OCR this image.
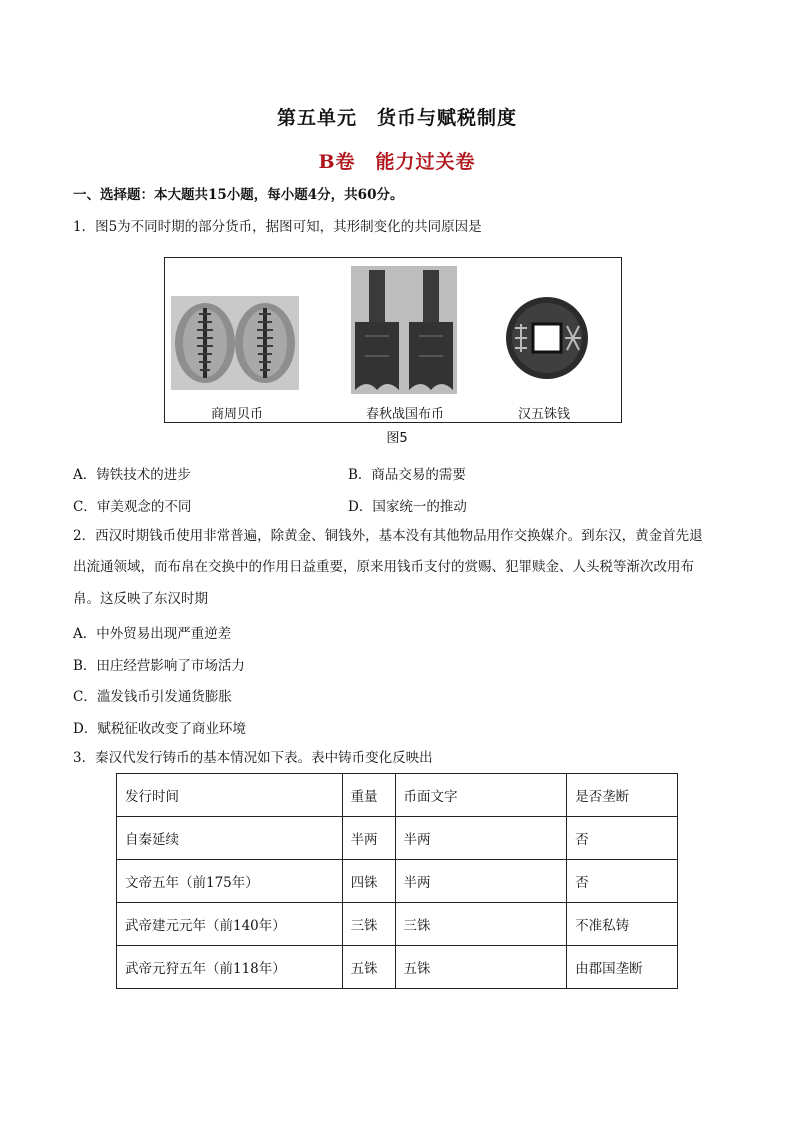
第五单元　货币与赋税制度
B卷　能力过关卷
一、选择题：本大题共15小题，每小题4分，共60分。
1．图5为不同时期的部分货币，据图可知，其形制变化的共同原因是
商周贝币	春秋战国布币	汉五铢钱
图5
A．铸铁技术的进步	B．商品交易的需要
C．审美观念的不同	D．国家统一的推动
2．西汉时期钱币使用非常普遍，除黄金、铜钱外，基本没有其他物品用作交换媒介。到东汉，黄金首先退
出流通领域，而布帛在交换中的作用日益重要，原来用钱币支付的赏赐、犯罪赎金、人头税等渐次改用布
帛。这反映了东汉时期
A．中外贸易出现严重逆差
B．田庄经营影响了市场活力
C．滥发钱币引发通货膨胀
D．赋税征收改变了商业环境
3．秦汉代发行铸币的基本情况如下表。表中铸币变化反映出
发行时间	重量	币面文字	是否垄断
自秦延续	半两	半两	否
文帝五年（前175年）	四铢	半两	否
武帝建元元年（前140年）	三铢	三铢	不准私铸
武帝元狩五年（前118年）	五铢	五铢	由郡国垄断
